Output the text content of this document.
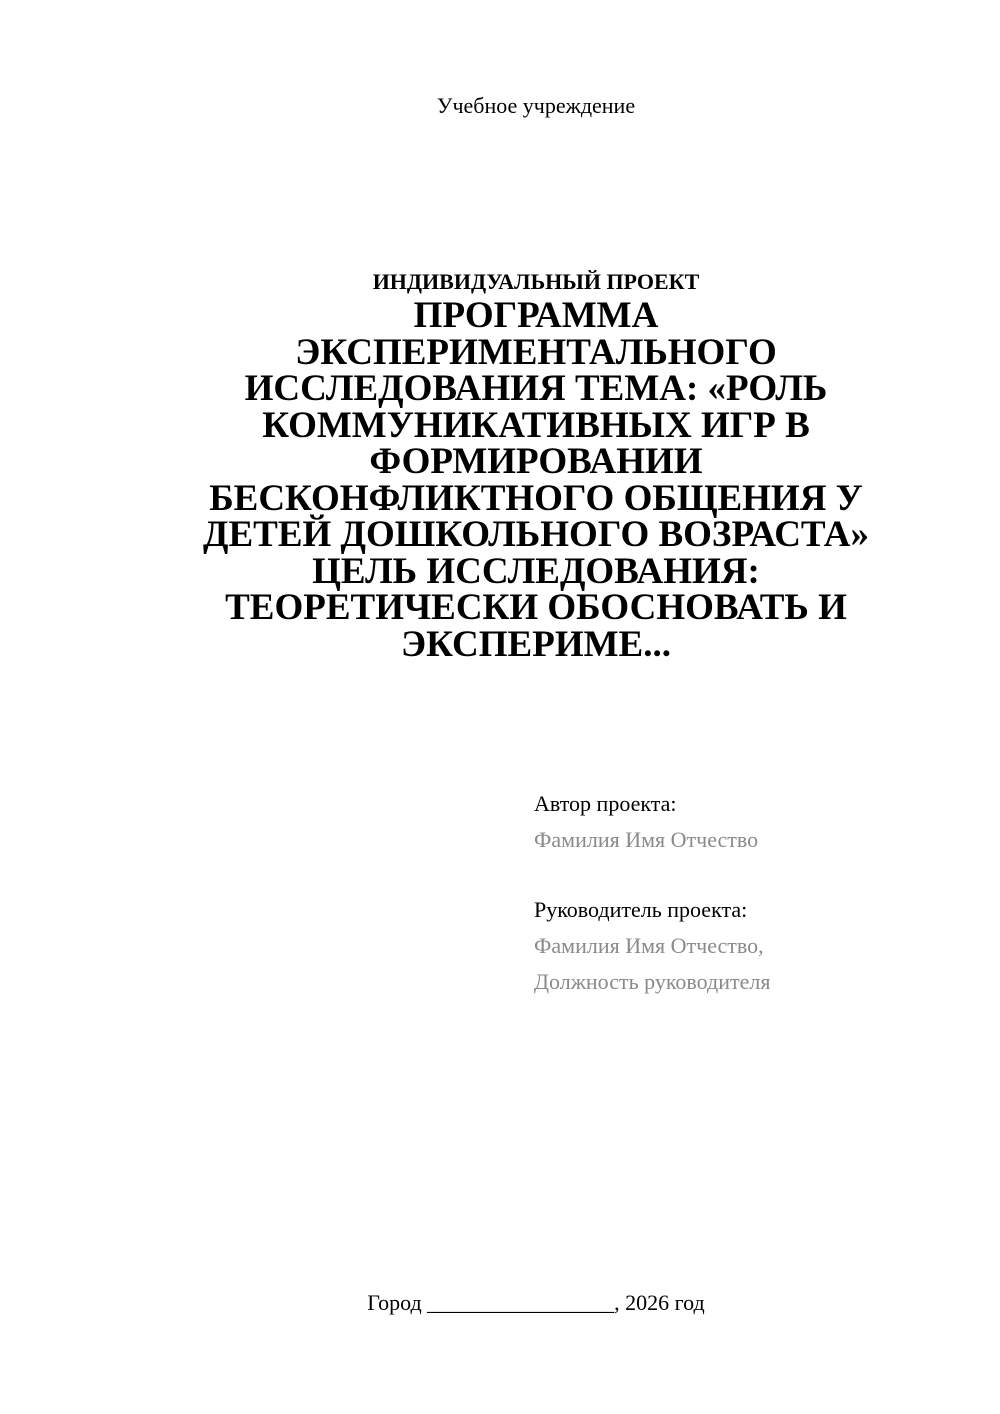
Учебное учреждение
ИНДИВИДУАЛЬНЫЙ ПРОЕКТ
ПРОГРАММА
ЭКСПЕРИМЕНТАЛЬНОГО
ИССЛЕДОВАНИЯ ТЕМА: «РОЛЬ
КОММУНИКАТИВНЫХ ИГР В
ФОРМИРОВАНИИ
БЕСКОНФЛИКТНОГО ОБЩЕНИЯ У
ДЕТЕЙ ДОШКОЛЬНОГО ВОЗРАСТА»
ЦЕЛЬ ИССЛЕДОВАНИЯ:
ТЕОРЕТИЧЕСКИ ОБОСНОВАТЬ И
ЭКСПЕРИМЕ...
Автор проекта:
Фамилия Имя Отчество
Руководитель проекта:
Фамилия Имя Отчество,
Должность руководителя
Город _________________, 2026 год
